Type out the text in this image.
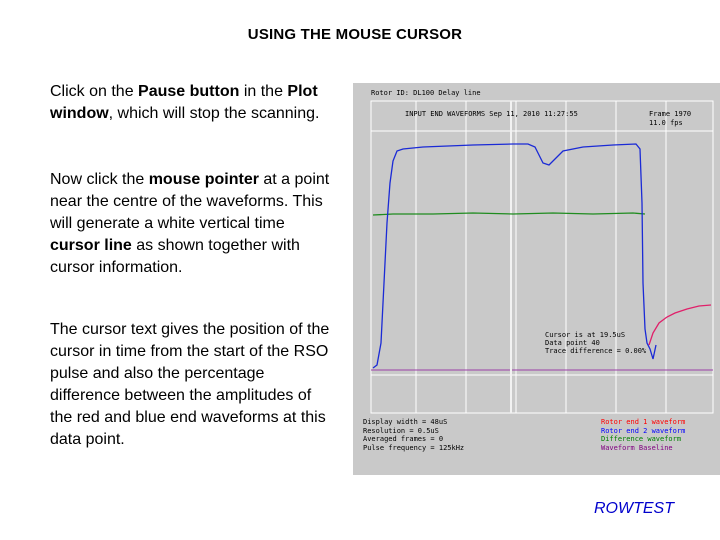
USING THE MOUSE CURSOR
Click on the Pause button in the Plot window, which will stop the scanning.
Now click the mouse pointer at a point near the centre of the waveforms. This will generate a white vertical time cursor line as shown together with cursor information.
The cursor text gives the position of the cursor in time from the start of the RSO pulse and also the percentage difference between the amplitudes of the red and blue end waveforms at this data point.
Rotor ID: DL100 Delay line
INPUT END WAVEFORMS Sep 11, 2010 11:27:55	Frame 1970
11.0 fps
Cursor is at 19.5uS
Data point 40
Trace difference = 0.00%
Display width = 48uS
Resolution = 0.5uS
Averaged frames = 0
Pulse frequency = 125kHz
Rotor end 1 waveform
Rotor end 2 waveform
Difference waveform
Waveform Baseline
ROWTEST
